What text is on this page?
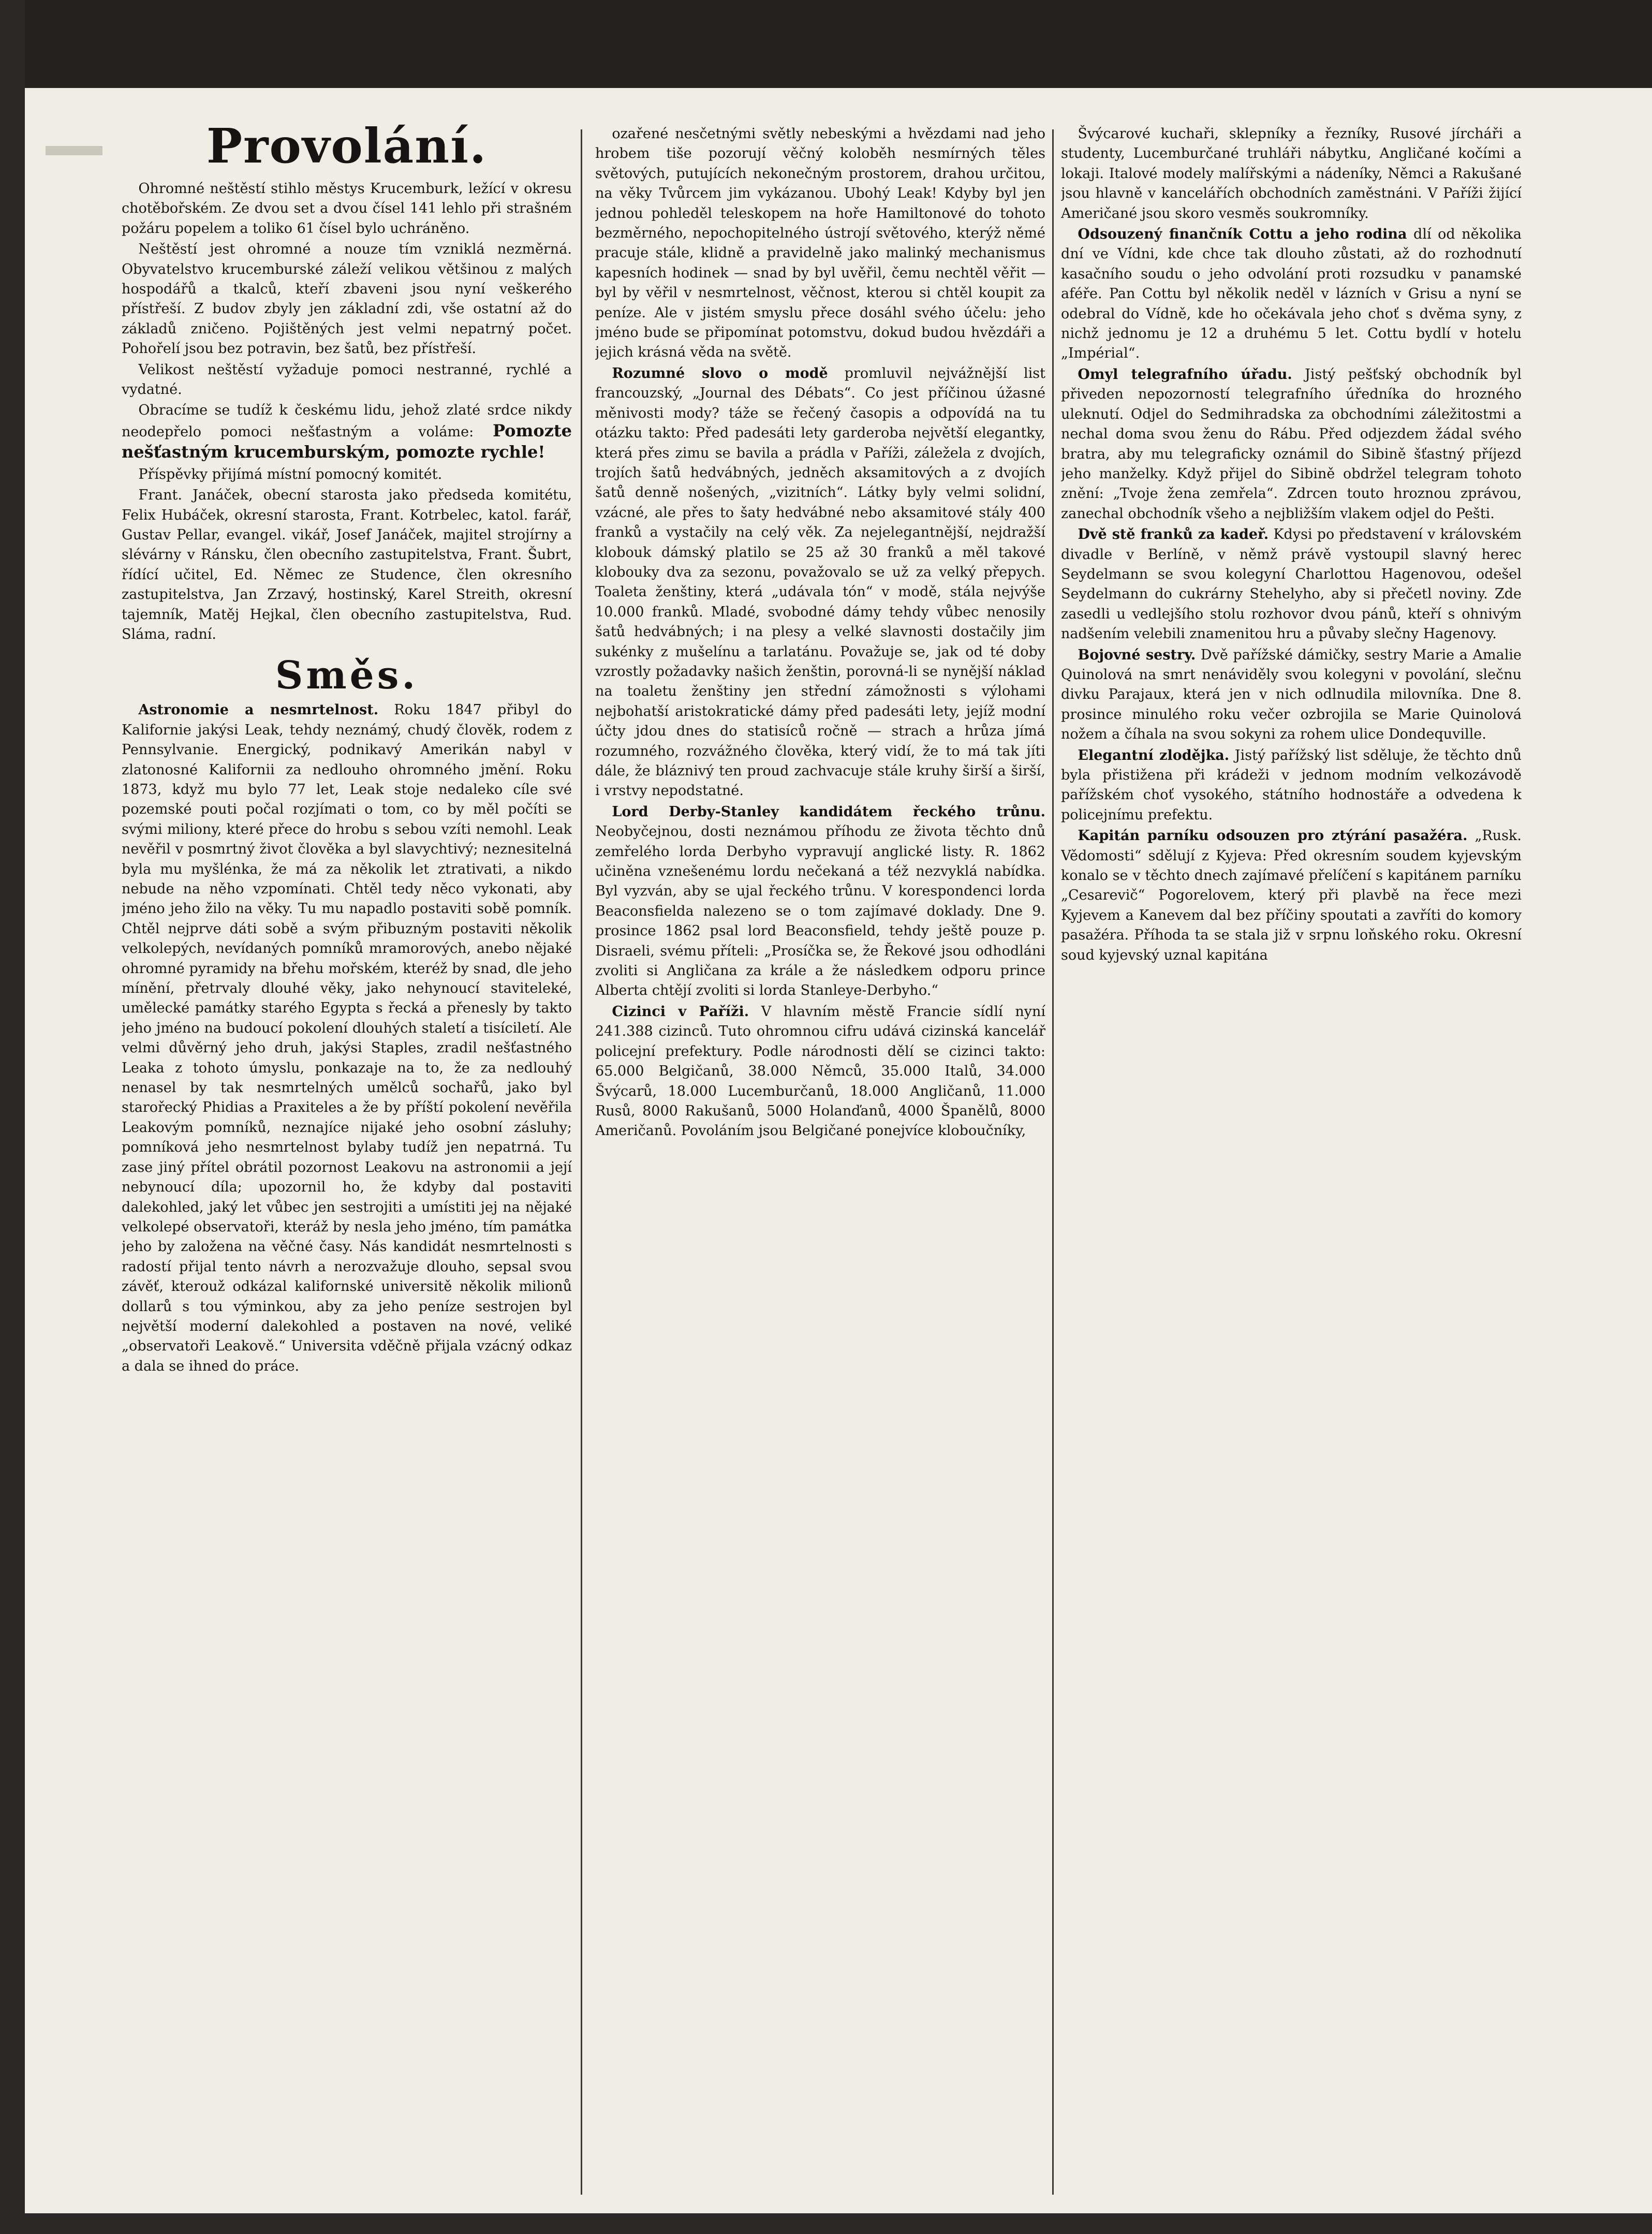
Provolání.

Ohromné neštěstí stihlo městys Krucemburk, ležící v okresu chotěbořském. Ze dvou set a dvou čísel 141 lehlo při strašném požáru popelem a toliko 61 čísel bylo uchráněno.

Neštěstí jest ohromné a nouze tím vzniklá nezměrná. Obyvatelstvo krucemburské záleží velikou většinou z malých hospodářů a tkalců, kteří zbaveni jsou nyní veškerého přístřeší. Z budov zbyly jen základní zdi, vše ostatní až do základů zničeno. Pojištěných jest velmi nepatrný počet. Pohořelí jsou bez potravin, bez šatů, bez přístřeší.

Velikost neštěstí vyžaduje pomoci nestranné, rychlé a vydatné.

Obracíme se tudíž k českému lidu, jehož zlaté srdce nikdy neodepřelo pomoci nešťastným a voláme: Pomozte nešťastným krucemburským, pomozte rychle!

Příspěvky přijímá místní pomocný komitét.

Frant. Janáček, obecní starosta jako předseda komitétu, Felix Hubáček, okresní starosta, Frant. Kotrbelec, katol. farář, Gustav Pellar, evangel. vikář, Josef Janáček, majitel strojírny a slévárny v Ránsku, člen obecního zastupitelstva, Frant. Šubrt, řídící učitel, Ed. Němec ze Studence, člen okresního zastupitelstva, Jan Zrzavý, hostinský, Karel Streith, okresní tajemník, Matěj Hejkal, člen obecního zastupitelstva, Rud. Sláma, radní.

Směs.

Astronomie a nesmrtelnost. Roku 1847 přibyl do Kalifornie jakýsi Leak, tehdy neznámý, chudý člověk, rodem z Pennsylvanie. Energický, podnikavý Amerikán nabyl v zlatonosné Kalifornii za nedlouho ohromného jmění. Roku 1873, když mu bylo 77 let, Leak stoje nedaleko cíle své pozemské pouti počal rozjímati o tom, co by měl počíti se svými miliony, které přece do hrobu s sebou vzíti nemohl. Leak nevěřil v posmrtný život člověka a byl slavychtivý; neznesitelná byla mu myšlénka, že má za několik let ztrativati, a nikdo nebude na něho vzpomínati. Chtěl tedy něco vykonati, aby jméno jeho žilo na věky. Tu mu napadlo postaviti sobě pomník. Chtěl nejprve dáti sobě a svým přibuzným postaviti několik velkolepých, nevídaných pomníků mramorových, anebo nějaké ohromné pyramidy na břehu mořském, kteréž by snad, dle jeho mínění, přetrvaly dlouhé věky, jako nehynoucí staviteleké, umělecké památky starého Egypta s řecká a přenesly by takto jeho jméno na budoucí pokolení dlouhých staletí a tisíciletí. Ale velmi důvěrný jeho druh, jakýsi Staples, zradil nešťastného Leaka z tohoto úmyslu, ponkazaje na to, že za nedlouhý nenasel by tak nesmrtelných umělců sochařů, jako byl starořecký Phidias a Praxiteles a že by příští pokolení nevěřila Leakovým pomníků, neznajíce nijaké jeho osobní zásluhy; pomníková jeho nesmrtelnost bylaby tudíž jen nepatrná. Tu zase jiný přítel obrátil pozornost Leakovu na astronomii a její nebynoucí díla; upozornil ho, že kdyby dal postaviti dalekohled, jaký let vůbec jen sestrojiti a umístiti jej na nějaké velkolepé observatoři, kteráž by nesla jeho jméno, tím památka jeho by založena na věčné časy. Nás kandidát nesmrtelnosti s radostí přijal tento návrh a nerozvažuje dlouho, sepsal svou závěť, kterouž odkázal kalifornské universitě několik milionů dollarů s tou výminkou, aby za jeho peníze sestrojen byl největší moderní dalekohled a postaven na nové, veliké „observatoři Leakově.“ Universita vděčně přijala vzácný odkaz a dala se ihned do práce.

ozařené nesčetnými světly nebeskými a hvězdami nad jeho hrobem tiše pozorují věčný koloběh nesmírných těles světových, putujících nekonečným prostorem, drahou určitou, na věky Tvůrcem jim vykázanou. Ubohý Leak! Kdyby byl jen jednou pohleděl teleskopem na hoře Hamiltonové do tohoto bezměrného, nepochopitelného ústrojí světového, kterýž němé pracuje stále, klidně a pravidelně jako malinký mechanismus kapesních hodinek — snad by byl uvěřil, čemu nechtěl věřit — byl by věřil v nesmrtelnost, věčnost, kterou si chtěl koupit za peníze. Ale v jistém smyslu přece dosáhl svého účelu: jeho jméno bude se připomínat potomstvu, dokud budou hvězdáři a jejich krásná věda na světě.

Rozumné slovo o modě promluvil nejvážnější list francouzský, „Journal des Débats“. Co jest příčinou úžasné měnivosti mody? táže se řečený časopis a odpovídá na tu otázku takto: Před padesáti lety garderoba největší elegantky, která přes zimu se bavila a prádla v Paříži, záležela z dvojích, trojích šatů hedvábných, jedněch aksamitových a z dvojích šatů denně nošených, „vizitních“. Látky byly velmi solidní, vzácné, ale přes to šaty hedvábné nebo aksamitové stály 400 franků a vystačily na celý věk. Za nejelegantnější, nejdražší klobouk dámský platilo se 25 až 30 franků a měl takové klobouky dva za sezonu, považovalo se už za velký přepych. Toaleta ženštiny, která „udávala tón“ v modě, stála nejvýše 10.000 franků. Mladé, svobodné dámy tehdy vůbec nenosily šatů hedvábných; i na plesy a velké slavnosti dostačily jim sukénky z mušelínu a tarlatánu. Považuje se, jak od té doby vzrostly požadavky našich ženštin, porovná-li se nynější náklad na toaletu ženštiny jen střední zámožnosti s výlohami nejbohatší aristokratické dámy před padesáti lety, jejíž modní účty jdou dnes do statisíců ročně — strach a hrůza jímá rozumného, rozvážného člověka, který vidí, že to má tak jíti dále, že bláznivý ten proud zachvacuje stále kruhy širší a širší, i vrstvy nepodstatné.

Lord Derby-Stanley kandidátem řeckého trůnu. Neobyčejnou, dosti neznámou příhodu ze života těchto dnů zemřelého lorda Derbyho vypravují anglické listy. R. 1862 učiněna vznešenému lordu nečekaná a též nezvyklá nabídka. Byl vyzván, aby se ujal řeckého trůnu. V korespondenci lorda Beaconsfielda nalezeno se o tom zajímavé doklady. Dne 9. prosince 1862 psal lord Beaconsfield, tehdy ještě pouze p. Disraeli, svému příteli: „Prosíčka se, že Řekové jsou odhodláni zvoliti si Angličana za krále a že následkem odporu prince Alberta chtějí zvoliti si lorda Stanleye-Derbyho.“

Cizinci v Paříži. V hlavním městě Francie sídlí nyní 241.388 cizinců. Tuto ohromnou cifru udává cizinská kancelář policejní prefektury. Podle národnosti dělí se cizinci takto: 65.000 Belgičanů, 38.000 Němců, 35.000 Italů, 34.000 Švýcarů, 18.000 Lucemburčanů, 18.000 Angličanů, 11.000 Rusů, 8000 Rakušanů, 5000 Holanďanů, 4000 Španělů, 8000 Američanů. Povoláním jsou Belgičané ponejvíce kloboučníky,

Švýcarové kuchaři, sklepníky a řezníky, Rusové jírcháři a studenty, Lucemburčané truhláři nábytku, Angličané kočími a lokaji. Italové modely malířskými a nádeníky, Němci a Rakušané jsou hlavně v kancelářích obchodních zaměstnáni. V Paříži žijící Američané jsou skoro vesměs soukromníky.

Odsouzený finančník Cottu a jeho rodina dlí od několika dní ve Vídni, kde chce tak dlouho zůstati, až do rozhodnutí kasačního soudu o jeho odvolání proti rozsudku v panamské aféře. Pan Cottu byl několik neděl v lázních v Grisu a nyní se odebral do Vídně, kde ho očekávala jeho choť s dvěma syny, z nichž jednomu je 12 a druhému 5 let. Cottu bydlí v hotelu „Impérial“.

Omyl telegrafního úřadu. Jistý pešťský obchodník byl přiveden nepozorností telegrafního úředníka do hrozného uleknutí. Odjel do Sedmihradska za obchodními záležitostmi a nechal doma svou ženu do Rábu. Před odjezdem žádal svého bratra, aby mu telegraficky oznámil do Sibině šťastný příjezd jeho manželky. Když přijel do Sibině obdržel telegram tohoto znění: „Tvoje žena zemřela“. Zdrcen touto hroznou zprávou, zanechal obchodník všeho a nejbližším vlakem odjel do Pešti.

Dvě stě franků za kadeř. Kdysi po představení v královském divadle v Berlíně, v němž právě vystoupil slavný herec Seydelmann se svou kolegyní Charlottou Hagenovou, odešel Seydelmann do cukrárny Stehelyho, aby si přečetl noviny. Zde zasedli u vedlejšího stolu rozhovor dvou pánů, kteří s ohnivým nadšením velebili znamenitou hru a půvaby slečny Hagenovy.

Bojovné sestry. Dvě pařížské dámičky, sestry Marie a Amalie Quinolová na smrt nenáviděly svou kolegyni v povolání, slečnu divku Parajaux, která jen v nich odlnudila milovníka. Dne 8. prosince minulého roku večer ozbrojila se Marie Quinolová nožem a číhala na svou sokyni za rohem ulice Dondequville.

Elegantní zlodějka. Jistý pařížský list sděluje, že těchto dnů byla přistižena při krádeži v jednom modním velkozávodě pařížském choť vysokého, státního hodnostáře a odvedena k policejnímu prefektu.

Kapitán parníku odsouzen pro ztýrání pasažéra. „Rusk. Vědomosti“ sdělují z Kyjeva: Před okresním soudem kyjevským konalo se v těchto dnech zajímavé přelíčení s kapitánem parníku „Cesarevič“ Pogorelovem, který při plavbě na řece mezi Kyjevem a Kanevem dal bez příčiny spoutati a zavříti do komory pasažéra. Příhoda ta se stala již v srpnu loňského roku. Okresní soud kyjevský uznal kapitána
